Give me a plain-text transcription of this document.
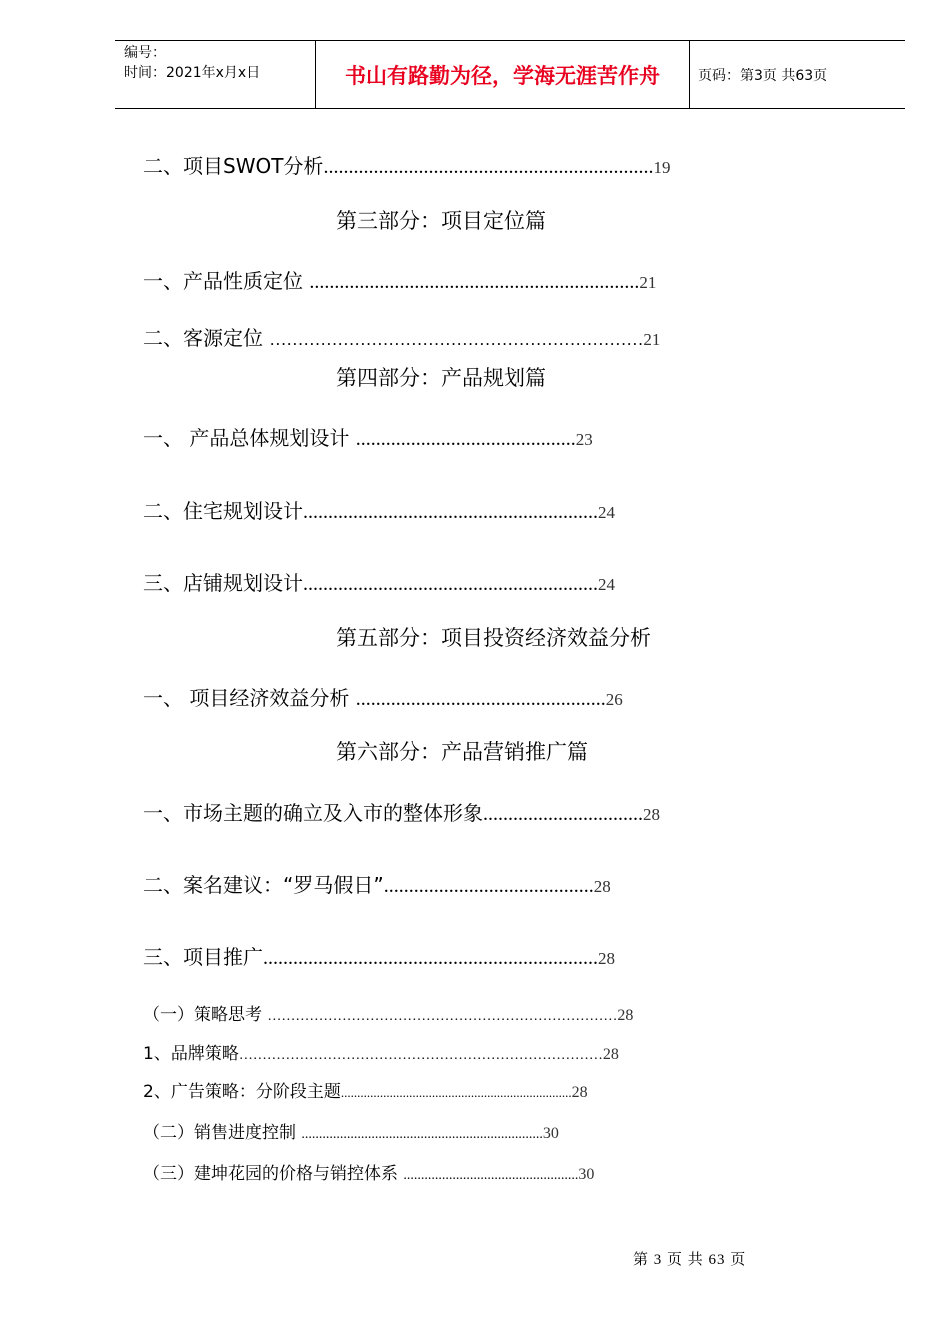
编号：
时间：2021年x月x日	书山有路勤为径，学海无涯苦作舟	页码：第3页 共63页
二、项目SWOT分析..................................................................19
第三部分：项目定位篇
一、产品性质定位 ..................................................................21
二、客源定位 …………………………………………………………21
第四部分：产品规划篇
一、 产品总体规划设计 ............................................23
二、住宅规划设计...........................................................24
三、店铺规划设计...........................................................24
第五部分：项目投资经济效益分析
一、 项目经济效益分析 ..................................................26
第六部分：产品营销推广篇
一、市场主题的确立及入市的整体形象................................28
二、案名建议：“罗马假日”..........................................28
三、项目推广...................................................................28
（一）策略思考 …………………………………………………………………28
1、品牌策略……………………………………………………………………28
2、广告策略：分阶段主题.......................................................................28
（二）销售进度控制 .....................................................................30
（三）建坤花园的价格与销控体系 ..................................................30
第 3 页 共 63 页
